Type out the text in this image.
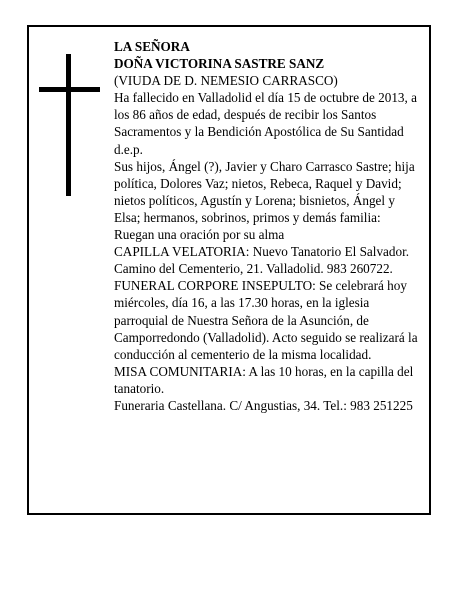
LA SEÑORA

DOÑA VICTORINA SASTRE SANZ

(VIUDA DE D. NEMESIO CARRASCO)

Ha fallecido en Valladolid el día 15 de octubre de 2013, a los 86 años de edad, después de recibir los Santos Sacramentos y la Bendición Apostólica de Su Santidad

d.e.p.

Sus hijos, Ángel (?), Javier y Charo Carrasco Sastre; hija política, Dolores Vaz; nietos, Rebeca, Raquel y David; nietos políticos, Agustín y Lorena; bisnietos, Ángel y Elsa; hermanos, sobrinos, primos y demás familia:

Ruegan una oración por su alma

CAPILLA VELATORIA: Nuevo Tanatorio El Salvador. Camino del Cementerio, 21. Valladolid. 983 260722.

FUNERAL CORPORE INSEPULTO: Se celebrará hoy miércoles, día 16, a las 17.30 horas, en la iglesia parroquial de Nuestra Señora de la Asunción, de Camporredondo (Valladolid). Acto seguido se realizará la conducción al cementerio de la misma localidad.

MISA COMUNITARIA: A las 10 horas, en la capilla del tanatorio.

Funeraria Castellana. C/ Angustias, 34. Tel.: 983 251225
